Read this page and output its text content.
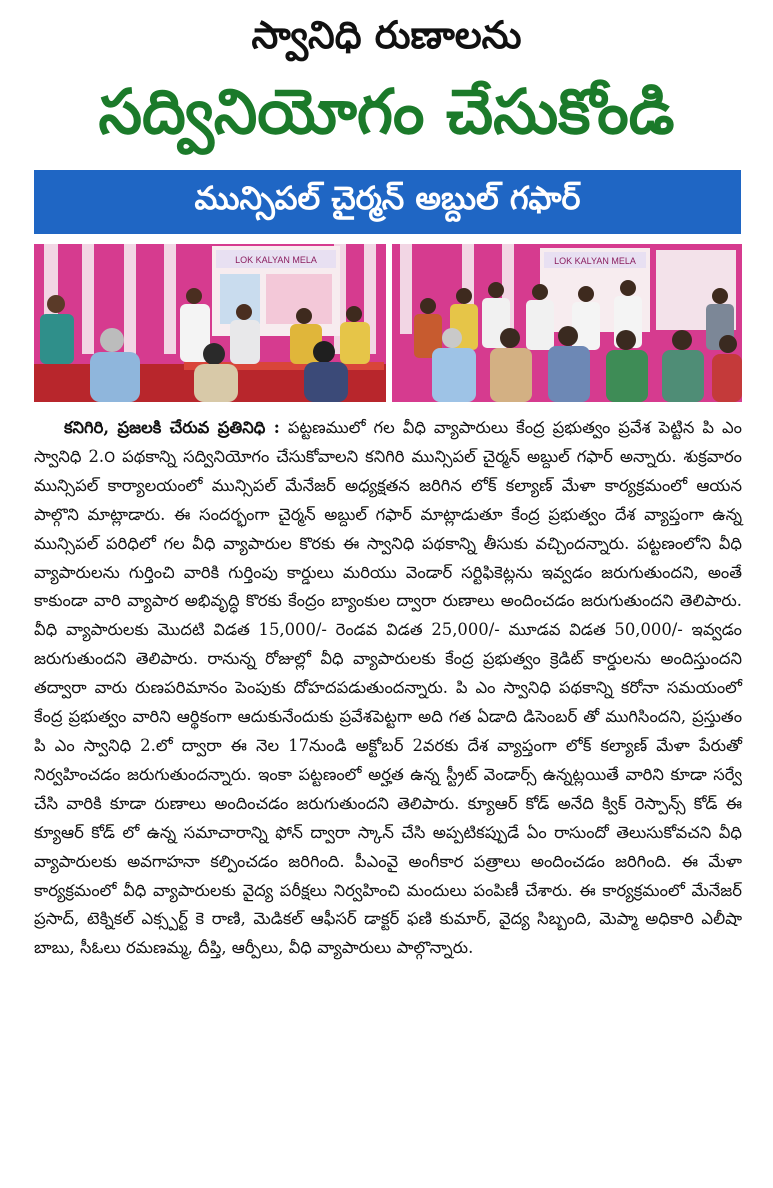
స్వానిధి రుణాలను
సద్వినియోగం చేసుకోండి
మున్సిపల్ చైర్మన్ అబ్దుల్ గఫార్
LOK KALYAN MELA	LOK KALYAN MELA
కనిగిరి, ప్రజలకి చేరువ ప్రతినిధి : పట్టణములో గల వీధి వ్యాపారులు కేంద్ర ప్రభుత్వం ప్రవేశ పెట్టిన పి ఎం స్వానిధి 2.౦ పథకాన్ని సద్వినియోగం చేసుకోవాలని కనిగిరి మున్సిపల్ చైర్మన్ అబ్దుల్ గఫార్ అన్నారు. శుక్రవారం మున్సిపల్ కార్యాలయంలో మున్సిపల్ మేనేజర్ అధ్యక్షతన జరిగిన లోక్ కల్యాణ్ మేళా కార్యక్రమంలో ఆయన పాల్గొని మాట్లాడారు. ఈ సందర్భంగా చైర్మన్ అబ్దుల్ గఫార్ మాట్లాడుతూ కేంద్ర ప్రభుత్వం దేశ వ్యాప్తంగా ఉన్న మున్సిపల్ పరిధిలో గల వీధి వ్యాపారుల కొరకు ఈ స్వానిధి పథకాన్ని తీసుకు వచ్చిందన్నారు. పట్టణంలోని వీధి వ్యాపారులను గుర్తించి వారికి గుర్తింపు కార్డులు మరియు వెండార్ సర్టిఫికెట్లను ఇవ్వడం జరుగుతుందని, అంతే కాకుండా వారి వ్యాపార అభివృద్ధి కొరకు కేంద్రం బ్యాంకుల ద్వారా రుణాలు అందించడం జరుగుతుందని తెలిపారు. వీధి వ్యాపారులకు మొదటి విడత 15,000/- రెండవ విడత 25,000/- మూడవ విడత 50,000/- ఇవ్వడం జరుగుతుందని తెలిపారు. రానున్న రోజుల్లో వీధి వ్యాపారులకు కేంద్ర ప్రభుత్వం క్రెడిట్ కార్డులను అందిస్తుందని తద్వారా వారు రుణపరిమానం పెంపుకు దోహదపడుతుందన్నారు. పి ఎం స్వానిధి పథకాన్ని కరోనా సమయంలో కేంద్ర ప్రభుత్వం వారిని ఆర్థికంగా ఆదుకునేందుకు ప్రవేశపెట్టగా అది గత ఏడాది డిసెంబర్ తో ముగిసిందని, ప్రస్తుతం పి ఎం స్వానిధి 2.లో ద్వారా ఈ నెల 17నుండి అక్టోబర్ 2వరకు దేశ వ్యాప్తంగా లోక్ కల్యాణ్ మేళా పేరుతో నిర్వహించడం జరుగుతుందన్నారు. ఇంకా పట్టణంలో అర్హత ఉన్న స్ట్రీట్ వెండార్స్ ఉన్నట్లయితే వారిని కూడా సర్వే చేసి వారికి కూడా రుణాలు అందించడం జరుగుతుందని తెలిపారు. క్యూఆర్ కోడ్ అనేది క్విక్ రెస్పాన్స్ కోడ్ ఈ క్యూఆర్ కోడ్ లో ఉన్న సమాచారాన్ని ఫోన్ ద్వారా స్కాన్ చేసి అప్పటికప్పుడే ఏం రాసుందో తెలుసుకోవచని వీధి వ్యాపారులకు అవగాహనా కల్పించడం జరిగింది. పీఎంవై అంగీకార పత్రాలు అందించడం జరిగింది. ఈ మేళా కార్యక్రమంలో వీధి వ్యాపారులకు వైద్య పరీక్షలు నిర్వహించి మందులు పంపిణీ చేశారు. ఈ కార్యక్రమంలో మేనేజర్ ప్రసాద్, టెక్నికల్ ఎక్స్పర్ట్ కె రాణి, మెడికల్ ఆఫీసర్ డాక్టర్ ఫణి కుమార్, వైద్య సిబ్బంది, మెప్మా అధికారి ఎలీషా బాబు, సీఓలు రమణమ్మ, దీప్తి, ఆర్పీలు, వీధి వ్యాపారులు పాల్గొన్నారు.
